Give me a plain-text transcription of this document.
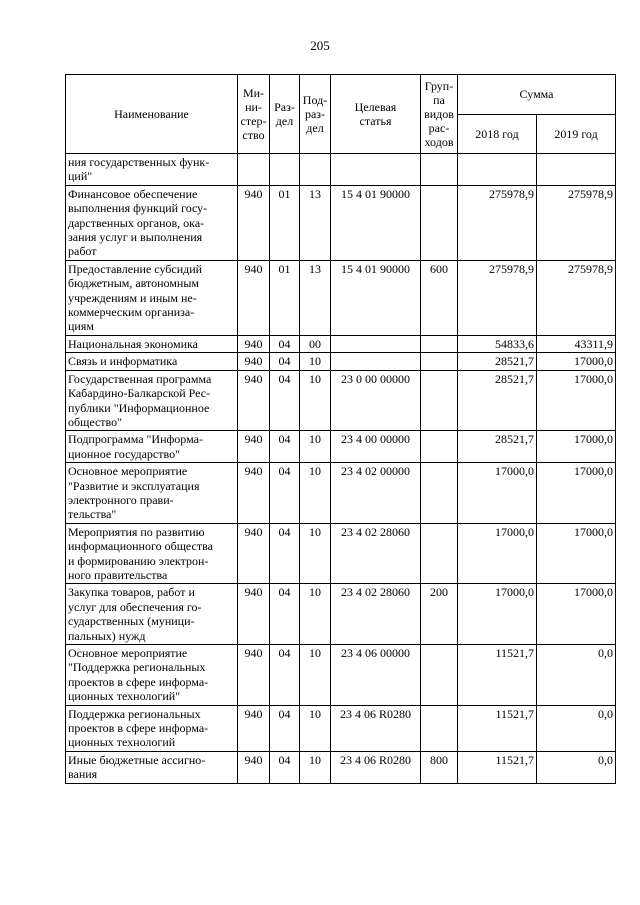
205
Наименование	Ми-
ни-
стер-
ство	Раз-
дел	Под-
раз-
дел	Целевая
статья	Груп-
па
видов
рас-
ходов	Сумма	
						2018 год	2019 год
ния государственных функ-
ций"							
Финансовое обеспечение
выполнения функций госу-
дарственных органов, ока-
зания услуг и выполнения
работ	940	01	13	15 4 01 90000		275978,9	275978,9
Предоставление субсидий
бюджетным, автономным
учреждениям и иным не-
коммерческим организа-
циям	940	01	13	15 4 01 90000	600	275978,9	275978,9
Национальная экономика	940	04	00			54833,6	43311,9
Связь и информатика	940	04	10			28521,7	17000,0
Государственная программа
Кабардино-Балкарской Рес-
публики "Информационное
общество"	940	04	10	23 0 00 00000		28521,7	17000,0
Подпрограмма "Информа-
ционное государство"	940	04	10	23 4 00 00000		28521,7	17000,0
Основное мероприятие
"Развитие и эксплуатация
электронного прави-
тельства"	940	04	10	23 4 02 00000		17000,0	17000,0
Мероприятия по развитию
информационного общества
и формированию электрон-
ного правительства	940	04	10	23 4 02 28060		17000,0	17000,0
Закупка товаров, работ и
услуг для обеспечения го-
сударственных (муници-
пальных) нужд	940	04	10	23 4 02 28060	200	17000,0	17000,0
Основное мероприятие
"Поддержка региональных
проектов в сфере информа-
ционных технологий"	940	04	10	23 4 06 00000		11521,7	0,0
Поддержка региональных
проектов в сфере информа-
ционных технологий	940	04	10	23 4 06 R0280		11521,7	0,0
Иные бюджетные ассигно-
вания	940	04	10	23 4 06 R0280	800	11521,7	0,0
